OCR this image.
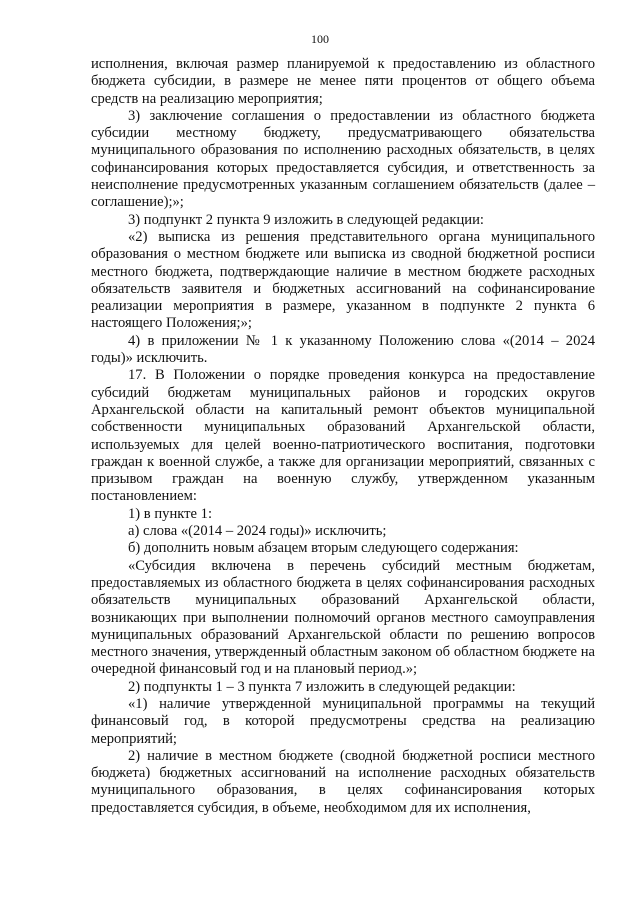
100

исполнения, включая размер планируемой к предоставлению из областного бюджета субсидии, в размере не менее пяти процентов от общего объема средств на реализацию мероприятия;

3) заключение соглашения о предоставлении из областного бюджета субсидии местному бюджету, предусматривающего обязательства муниципального образования по исполнению расходных обязательств, в целях софинансирования которых предоставляется субсидия, и ответственность за неисполнение предусмотренных указанным соглашением обязательств (далее – соглашение);»;

3) подпункт 2 пункта 9 изложить в следующей редакции:

«2) выписка из решения представительного органа муниципального образования о местном бюджете или выписка из сводной бюджетной росписи местного бюджета, подтверждающие наличие в местном бюджете расходных обязательств заявителя и бюджетных ассигнований на софинансирование реализации мероприятия в размере, указанном в подпункте 2 пункта 6 настоящего Положения;»;

4) в приложении № 1 к указанному Положению слова «(2014 – 2024 годы)» исключить.

17. В Положении о порядке проведения конкурса на предоставление субсидий бюджетам муниципальных районов и городских округов Архангельской области на капитальный ремонт объектов муниципальной собственности муниципальных образований Архангельской области, используемых для целей военно-патриотического воспитания, подготовки граждан к военной службе, а также для организации мероприятий, связанных с призывом граждан на военную службу, утвержденном указанным постановлением:

1) в пункте 1:

а) слова «(2014 – 2024 годы)» исключить;

б) дополнить новым абзацем вторым следующего содержания:

«Субсидия включена в перечень субсидий местным бюджетам, предоставляемых из областного бюджета в целях софинансирования расходных обязательств муниципальных образований Архангельской области, возникающих при выполнении полномочий органов местного самоуправления муниципальных образований Архангельской области по решению вопросов местного значения, утвержденный областным законом об областном бюджете на очередной финансовый год и на плановый период.»;

2) подпункты 1 – 3 пункта 7 изложить в следующей редакции:

«1) наличие утвержденной муниципальной программы на текущий финансовый год, в которой предусмотрены средства на реализацию мероприятий;

2) наличие в местном бюджете (сводной бюджетной росписи местного бюджета) бюджетных ассигнований на исполнение расходных обязательств муниципального образования, в целях софинансирования которых предоставляется субсидия, в объеме, необходимом для их исполнения,
